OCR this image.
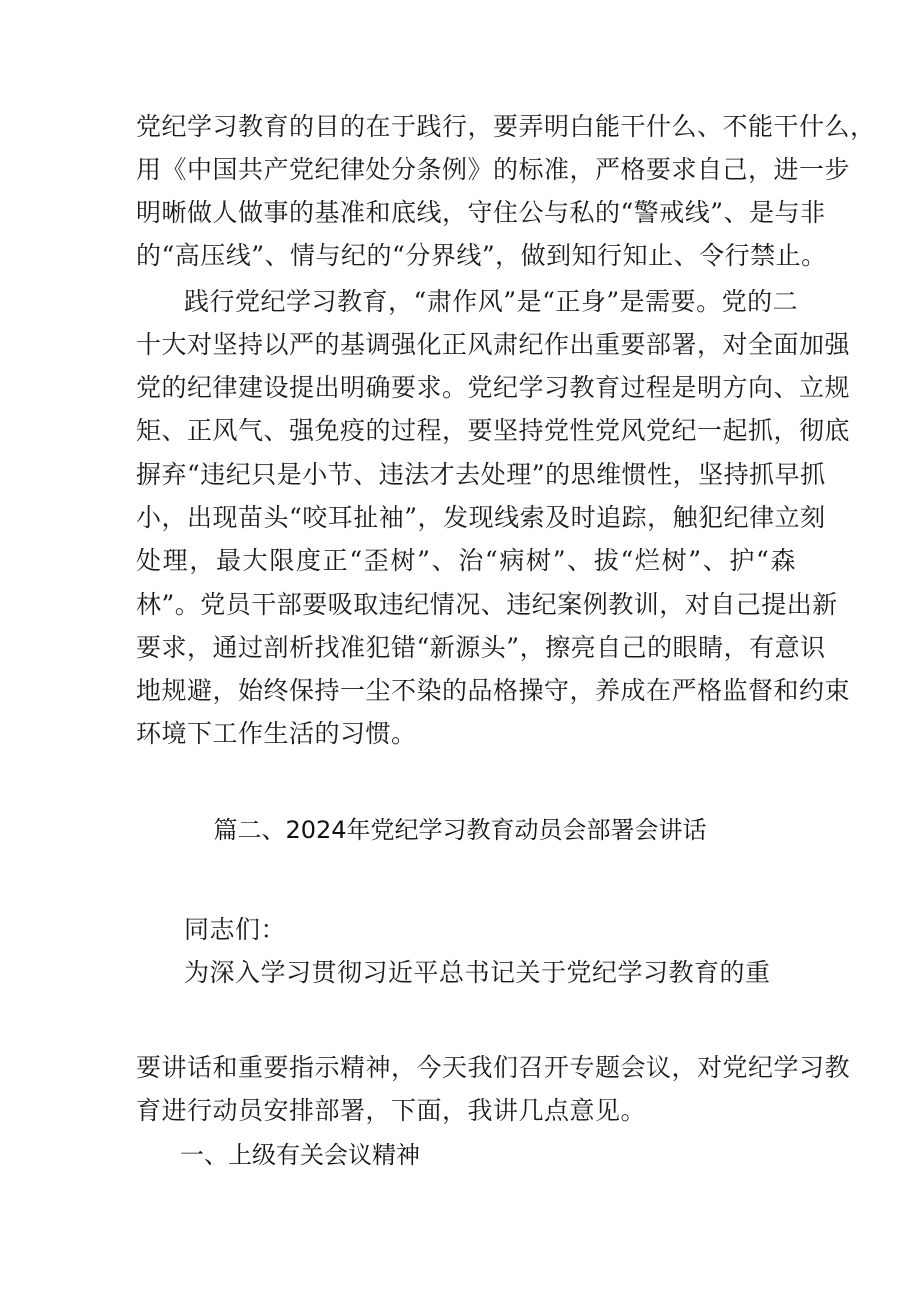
党纪学习教育的目的在于践行，要弄明白能干什么、不能干什么，
用《中国共产党纪律处分条例》的标准，严格要求自己，进一步
明晰做人做事的基准和底线，守住公与私的“警戒线”、是与非
的“高压线”、情与纪的“分界线”，做到知行知止、令行禁止。
践行党纪学习教育，“肃作风”是“正身”是需要。党的二
十大对坚持以严的基调强化正风肃纪作出重要部署，对全面加强
党的纪律建设提出明确要求。党纪学习教育过程是明方向、立规
矩、正风气、强免疫的过程，要坚持党性党风党纪一起抓，彻底
摒弃“违纪只是小节、违法才去处理”的思维惯性，坚持抓早抓
小，出现苗头“咬耳扯袖”，发现线索及时追踪，触犯纪律立刻
处理，最大限度正“歪树”、治“病树”、拔“烂树”、护“森
林”。党员干部要吸取违纪情况、违纪案例教训，对自己提出新
要求，通过剖析找准犯错“新源头”，擦亮自己的眼睛，有意识
地规避，始终保持一尘不染的品格操守，养成在严格监督和约束
环境下工作生活的习惯。
篇二、2024年党纪学习教育动员会部署会讲话
同志们：
为深入学习贯彻习近平总书记关于党纪学习教育的重
要讲话和重要指示精神，今天我们召开专题会议，对党纪学习教
育进行动员安排部署，下面，我讲几点意见。
一、上级有关会议精神
